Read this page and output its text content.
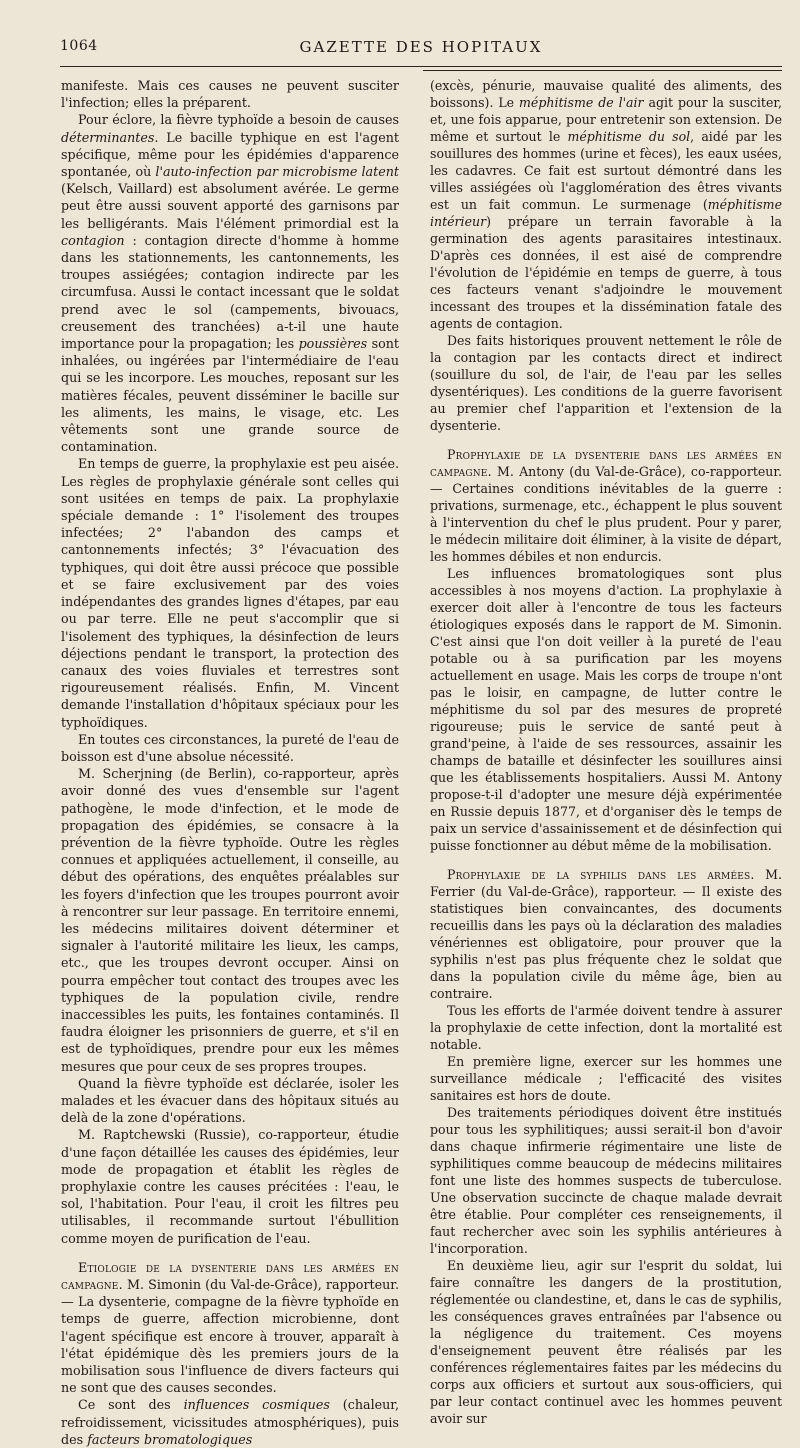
1064	GAZETTE DES HOPITAUX

manifeste. Mais ces causes ne peuvent susciter l'infection; elles la préparent.

Pour éclore, la fièvre typhoïde a besoin de causes déterminantes. Le bacille typhique en est l'agent spécifique, même pour les épidémies d'apparence spontanée, où l'auto-infection par microbisme latent (Kelsch, Vaillard) est absolument avérée. Le germe peut être aussi souvent apporté des garnisons par les belligérants. Mais l'élément primordial est la contagion : contagion directe d'homme à homme dans les stationnements, les cantonnements, les troupes assiégées; contagion indirecte par les circumfusa. Aussi le contact incessant que le soldat prend avec le sol (campements, bivouacs, creusement des tranchées) a-t-il une haute importance pour la propagation; les poussières sont inhalées, ou ingérées par l'intermédiaire de l'eau qui se les incorpore. Les mouches, reposant sur les matières fécales, peuvent disséminer le bacille sur les aliments, les mains, le visage, etc. Les vêtements sont une grande source de contamination.

En temps de guerre, la prophylaxie est peu aisée. Les règles de prophylaxie générale sont celles qui sont usitées en temps de paix. La prophylaxie spéciale demande : 1° l'isolement des troupes infectées; 2° l'abandon des camps et cantonnements infectés; 3° l'évacuation des typhiques, qui doit être aussi précoce que possible et se faire exclusivement par des voies indépendantes des grandes lignes d'étapes, par eau ou par terre. Elle ne peut s'accomplir que si l'isolement des typhiques, la désinfection de leurs déjections pendant le transport, la protection des canaux des voies fluviales et terrestres sont rigoureusement réalisés. Enfin, M. Vincent demande l'installation d'hôpitaux spéciaux pour les typhoïdiques.

En toutes ces circonstances, la pureté de l'eau de boisson est d'une absolue nécessité.

M. Scherjning (de Berlin), co-rapporteur, après avoir donné des vues d'ensemble sur l'agent pathogène, le mode d'infection, et le mode de propagation des épidémies, se consacre à la prévention de la fièvre typhoïde. Outre les règles connues et appliquées actuellement, il conseille, au début des opérations, des enquêtes préalables sur les foyers d'infection que les troupes pourront avoir à rencontrer sur leur passage. En territoire ennemi, les médecins militaires doivent déterminer et signaler à l'autorité militaire les lieux, les camps, etc., que les troupes devront occuper. Ainsi on pourra empêcher tout contact des troupes avec les typhiques de la population civile, rendre inaccessibles les puits, les fontaines contaminés. Il faudra éloigner les prisonniers de guerre, et s'il en est de typhoïdiques, prendre pour eux les mêmes mesures que pour ceux de ses propres troupes.

Quand la fièvre typhoïde est déclarée, isoler les malades et les évacuer dans des hôpitaux situés au delà de la zone d'opérations.

M. Raptchewski (Russie), co-rapporteur, étudie d'une façon détaillée les causes des épidémies, leur mode de propagation et établit les règles de prophylaxie contre les causes précitées : l'eau, le sol, l'habitation. Pour l'eau, il croit les filtres peu utilisables, il recommande surtout l'ébullition comme moyen de purification de l'eau.

Etiologie de la dysenterie dans les armées en campagne. M. Simonin (du Val-de-Grâce), rapporteur. — La dysenterie, compagne de la fièvre typhoïde en temps de guerre, affection microbienne, dont l'agent spécifique est encore à trouver, apparaît à l'état épidémique dès les premiers jours de la mobilisation sous l'influence de divers facteurs qui ne sont que des causes secondes.

Ce sont des influences cosmiques (chaleur, refroidissement, vicissitudes atmosphériques), puis des facteurs bromatologiques

(excès, pénurie, mauvaise qualité des aliments, des boissons). Le méphitisme de l'air agit pour la susciter, et, une fois apparue, pour entretenir son extension. De même et surtout le méphitisme du sol, aidé par les souillures des hommes (urine et fèces), les eaux usées, les cadavres. Ce fait est surtout démontré dans les villes assiégées où l'agglomération des êtres vivants est un fait commun. Le surmenage (méphitisme intérieur) prépare un terrain favorable à la germination des agents parasitaires intestinaux. D'après ces données, il est aisé de comprendre l'évolution de l'épidémie en temps de guerre, à tous ces facteurs venant s'adjoindre le mouvement incessant des troupes et la dissémination fatale des agents de contagion.

Des faits historiques prouvent nettement le rôle de la contagion par les contacts direct et indirect (souillure du sol, de l'air, de l'eau par les selles dysentériques). Les conditions de la guerre favorisent au premier chef l'apparition et l'extension de la dysenterie.

Prophylaxie de la dysenterie dans les armées en campagne. M. Antony (du Val-de-Grâce), co-rapporteur. — Certaines conditions inévitables de la guerre : privations, surmenage, etc., échappent le plus souvent à l'intervention du chef le plus prudent. Pour y parer, le médecin militaire doit éliminer, à la visite de départ, les hommes débiles et non endurcis.

Les influences bromatologiques sont plus accessibles à nos moyens d'action. La prophylaxie à exercer doit aller à l'encontre de tous les facteurs étiologiques exposés dans le rapport de M. Simonin. C'est ainsi que l'on doit veiller à la pureté de l'eau potable ou à sa purification par les moyens actuellement en usage. Mais les corps de troupe n'ont pas le loisir, en campagne, de lutter contre le méphitisme du sol par des mesures de propreté rigoureuse; puis le service de santé peut à grand'peine, à l'aide de ses ressources, assainir les champs de bataille et désinfecter les souillures ainsi que les établissements hospitaliers. Aussi M. Antony propose-t-il d'adopter une mesure déjà expérimentée en Russie depuis 1877, et d'organiser dès le temps de paix un service d'assainissement et de désinfection qui puisse fonctionner au début même de la mobilisation.

Prophylaxie de la syphilis dans les armées. M. Ferrier (du Val-de-Grâce), rapporteur. — Il existe des statistiques bien convaincantes, des documents recueillis dans les pays où la déclaration des maladies vénériennes est obligatoire, pour prouver que la syphilis n'est pas plus fréquente chez le soldat que dans la population civile du même âge, bien au contraire.

Tous les efforts de l'armée doivent tendre à assurer la prophylaxie de cette infection, dont la mortalité est notable.

En première ligne, exercer sur les hommes une surveillance médicale ; l'efficacité des visites sanitaires est hors de doute.

Des traitements périodiques doivent être institués pour tous les syphilitiques; aussi serait-il bon d'avoir dans chaque infirmerie régimentaire une liste de syphilitiques comme beaucoup de médecins militaires font une liste des hommes suspects de tuberculose. Une observation succincte de chaque malade devrait être établie. Pour compléter ces renseignements, il faut rechercher avec soin les syphilis antérieures à l'incorporation.

En deuxième lieu, agir sur l'esprit du soldat, lui faire connaître les dangers de la prostitution, réglementée ou clandestine, et, dans le cas de syphilis, les conséquences graves entraînées par l'absence ou la négligence du traitement. Ces moyens d'enseignement peuvent être réalisés par les conférences réglementaires faites par les médecins du corps aux officiers et surtout aux sous-officiers, qui par leur contact continuel avec les hommes peuvent avoir sur
